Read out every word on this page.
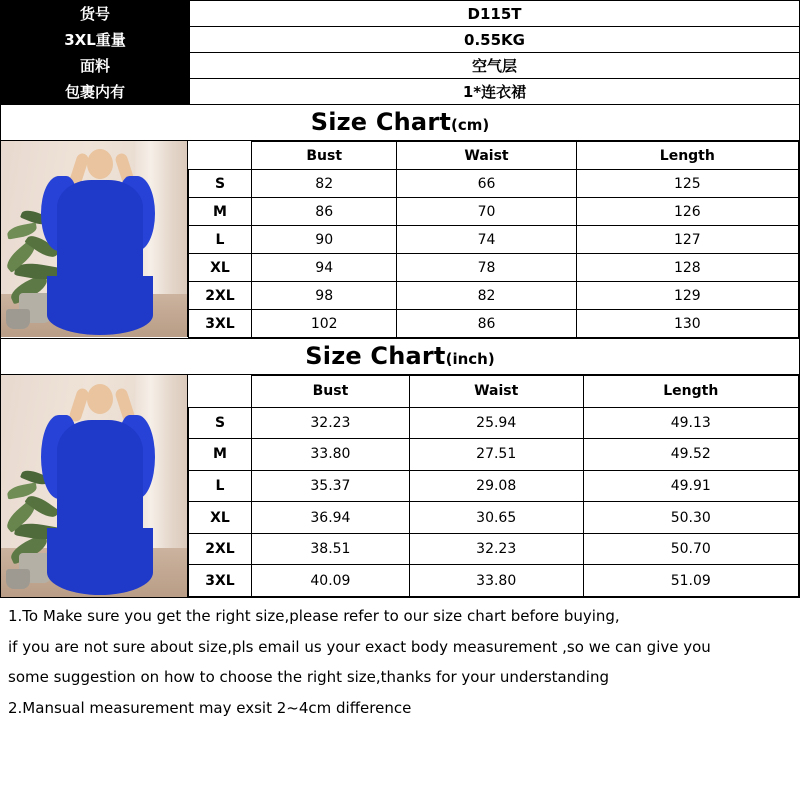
货号	D115T
3XL重量	0.55KG
面料	空气层
包裹内有	1*连衣裙
Size Chart(cm)
	Bust	Waist	Length
S	82	66	125
M	86	70	126
L	90	74	127
XL	94	78	128
2XL	98	82	129
3XL	102	86	130
Size Chart(inch)
	Bust	Waist	Length
S	32.23	25.94	49.13
M	33.80	27.51	49.52
L	35.37	29.08	49.91
XL	36.94	30.65	50.30
2XL	38.51	32.23	50.70
3XL	40.09	33.80	51.09

1.To Make sure you get the right size,please refer to our size chart before buying,

if you are not sure about size,pls email us your exact body measurement ,so we can give you

some suggestion on how to choose the right size,thanks for your understanding

2.Mansual measurement may exsit 2~4cm difference
